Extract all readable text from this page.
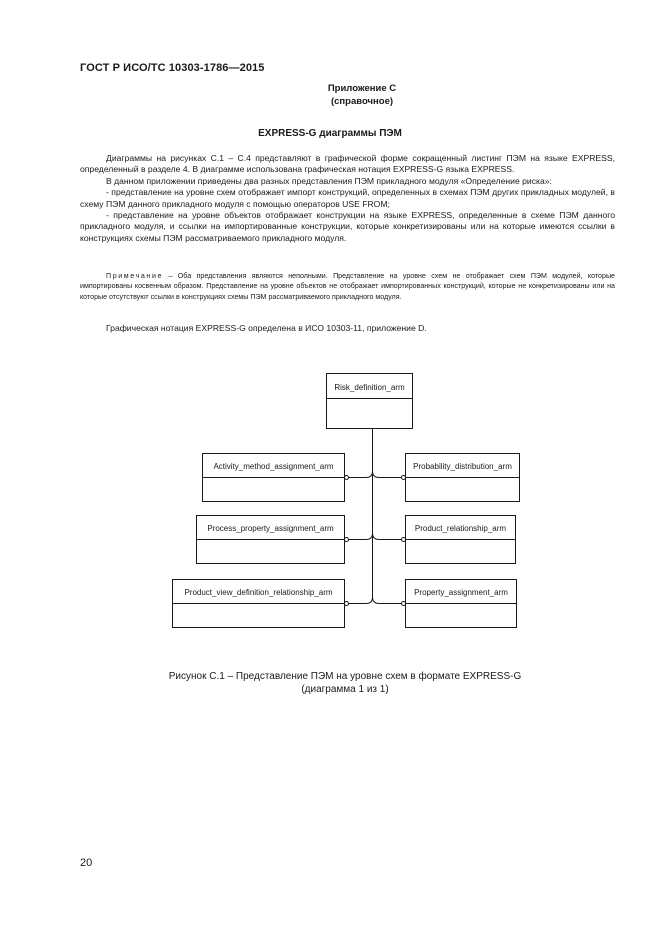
ГОСТ Р ИСО/ТС 10303-1786—2015
Приложение С
(справочное)
EXPRESS-G диаграммы ПЭМ

Диаграммы на рисунках С.1 – С.4 представляют в графической форме сокращенный листинг ПЭМ на языке EXPRESS, определенный в разделе 4. В диаграмме использована графическая нотация EXPRESS-G языка EXPRESS.

В данном приложении приведены два разных представления ПЭМ прикладного модуля «Определение риска»:

- представление на уровне схем отображает импорт конструкций, определенных в схемах ПЭМ других прикладных модулей, в схему ПЭМ данного прикладного модуля с помощью операторов USE FROM;

- представление на уровне объектов отображает конструкции на языке EXPRESS, определенные в схеме ПЭМ данного прикладного модуля, и ссылки на импортированные конструкции, которые конкретизированы или на которые имеются ссылки в конструкциях схемы ПЭМ рассматриваемого прикладного модуля.

Примечание – Оба представления являются неполными. Представление на уровне схем не отображает схем ПЭМ модулей, которые импортированы косвенным образом. Представление на уровне объектов не отображает импортированных конструкций, которые не конкретизированы или на которые отсутствуют ссылки в конструкциях схемы ПЭМ рассматриваемого прикладного модуля.

Графическая нотация EXPRESS-G определена в ИСО 10303-11, приложение D.

Risk_definition_arm
Activity_method_assignment_arm
Process_property_assignment_arm
Product_view_definition_relationship_arm
Probability_distribution_arm
Product_relationship_arm
Property_assignment_arm
Рисунок С.1 – Представление ПЭМ на уровне схем в формате EXPRESS-G
(диаграмма 1 из 1)
20
